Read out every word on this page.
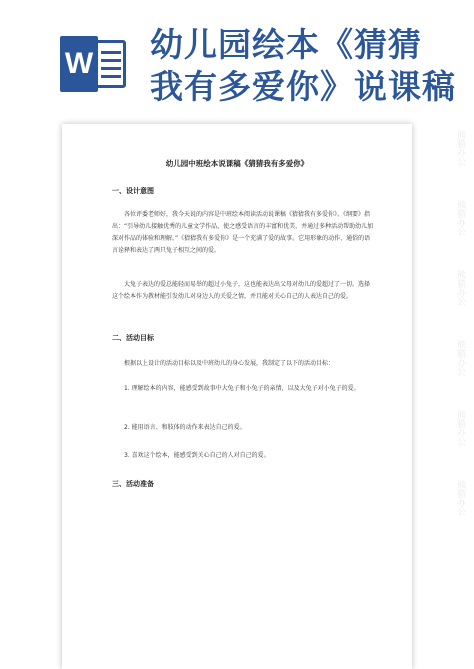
W 幼儿园绘本《猜猜
我有多爱你》说课稿
幼儿园中班绘本说课稿《猜猜我有多爱你》
一、设计意图

各位评委老师好，我今天说的内容是中班绘本阅读活动说课稿《猜猜我有多爱你》。《纲要》指出：“引导幼儿接触优秀的儿童文学作品，使之感受语言的丰富和优美，并通过多种活动帮助幼儿加深对作品的体验和理解。”《猜猜我有多爱你》是一个充满了爱的故事。它用形象的动作、通俗的语言诠释和表达了两只兔子相互之间的爱。

大兔子表达的爱总能轻而易举的超过小兔子，这也能表达出父母对幼儿的爱超过了一切。选择这个绘本作为教材能引发幼儿对身边人的关爱之情，并且能对关心自己的人表达自己的爱。

二、活动目标

根据以上设计的活动目标以及中班幼儿的身心发展，我制定了以下的活动目标：

1. 理解绘本的内容，能感受到故事中大兔子和小兔子的亲情，以及大兔子对小兔子的爱。

2. 能用语言、和肢体的动作来表达自己的爱。

3. 喜欢这个绘本，能感受到关心自己的人对自己的爱。

三、活动准备
熊猫办公
熊猫办公
熊猫办公
熊猫办公
熊猫办公
熊猫办公
